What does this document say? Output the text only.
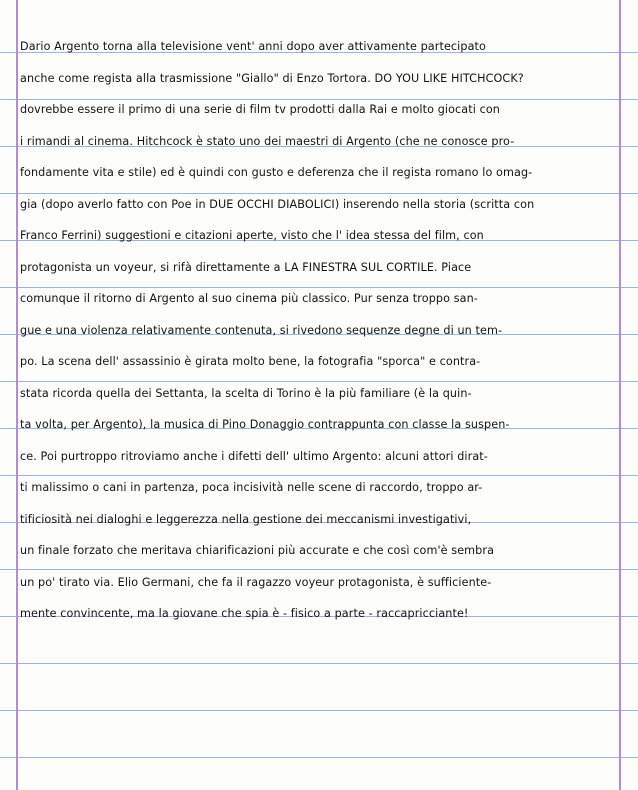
Dario Argento torna alla televisione vent' anni dopo aver attivamente partecipato
anche come regista alla trasmissione "Giallo" di Enzo Tortora. DO YOU LIKE HITCHCOCK?
dovrebbe essere il primo di una serie di film tv prodotti dalla Rai e molto giocati con
i rimandi al cinema. Hitchcock è stato uno dei maestri di Argento (che ne conosce pro-
fondamente vita e stile) ed è quindi con gusto e deferenza che il regista romano lo omag-
gia (dopo averlo fatto con Poe in DUE OCCHI DIABOLICI) inserendo nella storia (scritta con
Franco Ferrini) suggestioni e citazioni aperte, visto che l' idea stessa del film, con
protagonista un voyeur, si rifà direttamente a LA FINESTRA SUL CORTILE. Piace
comunque il ritorno di Argento al suo cinema più classico. Pur senza troppo san-
gue e una violenza relativamente contenuta, si rivedono sequenze degne di un tem-
po. La scena dell' assassinio è girata molto bene, la fotografia "sporca" e contra-
stata ricorda quella dei Settanta, la scelta di Torino è la più familiare (è la quin-
ta volta, per Argento), la musica di Pino Donaggio contrappunta con classe la suspen-
ce. Poi purtroppo ritroviamo anche i difetti dell' ultimo Argento: alcuni attori dirat-
ti malissimo o cani in partenza, poca incisività nelle scene di raccordo, troppo ar-
tificiosità nei dialoghi e leggerezza nella gestione dei meccanismi investigativi,
un finale forzato che meritava chiarificazioni più accurate e che così com'è sembra
un po' tirato via. Elio Germani, che fa il ragazzo voyeur protagonista, è sufficiente-
mente convincente, ma la giovane che spia è - fisico a parte - raccapricciante!
